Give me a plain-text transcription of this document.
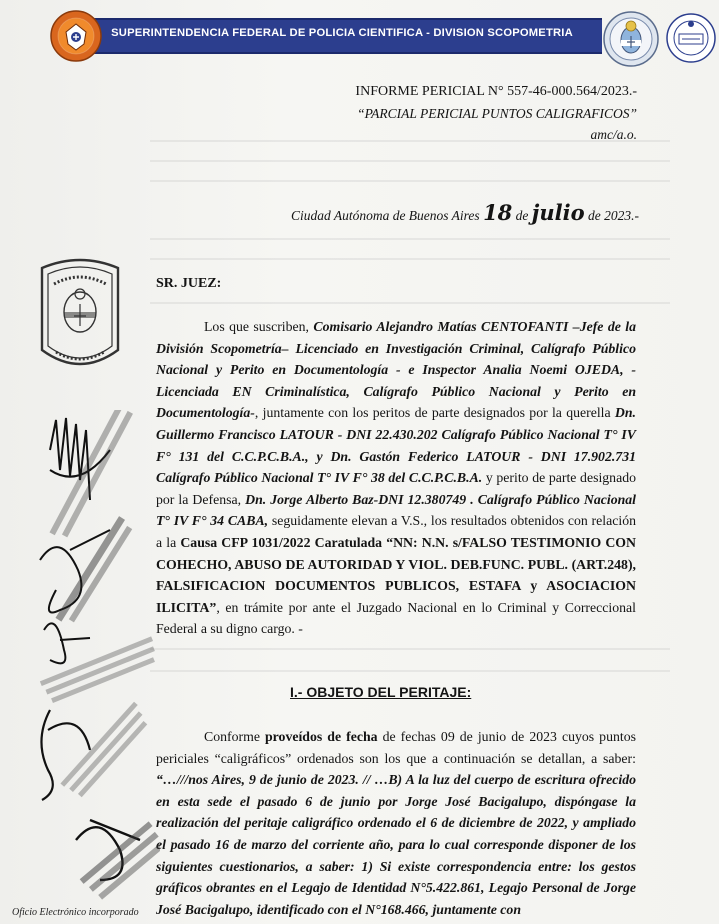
SUPERINTENDENCIA FEDERAL DE POLICIA CIENTIFICA - DIVISION SCOPOMETRIA
INFORME PERICIAL N° 557-46-000.564/2023.-
“PARCIAL PERICIAL PUNTOS CALIGRAFICOS”
amc/a.o.
Ciudad Autónoma de Buenos Aires 18 de julio de 2023.-
SR. JUEZ:
Los que suscriben, Comisario Alejandro Matías CENTOFANTI –Jefe de la División Scopometría– Licenciado en Investigación Criminal, Calígrafo Público Nacional y Perito en Documentología - e Inspector Analia Noemi OJEDA, -Licenciada EN Criminalística, Calígrafo Público Nacional y Perito en Documentología-, juntamente con los peritos de parte designados por la querella Dn. Guillermo Francisco LATOUR - DNI 22.430.202 Calígrafo Público Nacional T° IV F° 131 del C.C.P.C.B.A., y Dn. Gastón Federico LATOUR - DNI 17.902.731 Calígrafo Público Nacional T° IV F° 38 del C.C.P.C.B.A. y perito de parte designado por la Defensa, Dn. Jorge Alberto Baz-DNI 12.380749 . Calígrafo Público Nacional T° IV F° 34 CABA, seguidamente elevan a V.S., los resultados obtenidos con relación a la Causa CFP 1031/2022 Caratulada “NN: N.N. s/FALSO TESTIMONIO CON COHECHO, ABUSO DE AUTORIDAD Y VIOL. DEB.FUNC. PUBL. (ART.248), FALSIFICACION DOCUMENTOS PUBLICOS, ESTAFA y ASOCIACION ILICITA”, en trámite por ante el Juzgado Nacional en lo Criminal y Correccional Federal a su digno cargo. -
I.- OBJETO DEL PERITAJE:
Conforme proveídos de fecha de fechas 09 de junio de 2023 cuyos puntos periciales “caligráficos” ordenados son los que a continuación se detallan, a saber: “…///nos Aires, 9 de junio de 2023. // …B) A la luz del cuerpo de escritura ofrecido en esta sede el pasado 6 de junio por Jorge José Bacigalupo, dispóngase la realización del peritaje caligráfico ordenado el 6 de diciembre de 2022, y ampliado el pasado 16 de marzo del corriente año, para lo cual corresponde disponer de los siguientes cuestionarios, a saber: 1) Si existe correspondencia entre: los gestos gráficos obrantes en el Legajo de Identidad N°5.422.861, Legajo Personal de Jorge José Bacigalupo, identificado con el N°168.466, juntamente con
Oficio Electrónico incorporado
